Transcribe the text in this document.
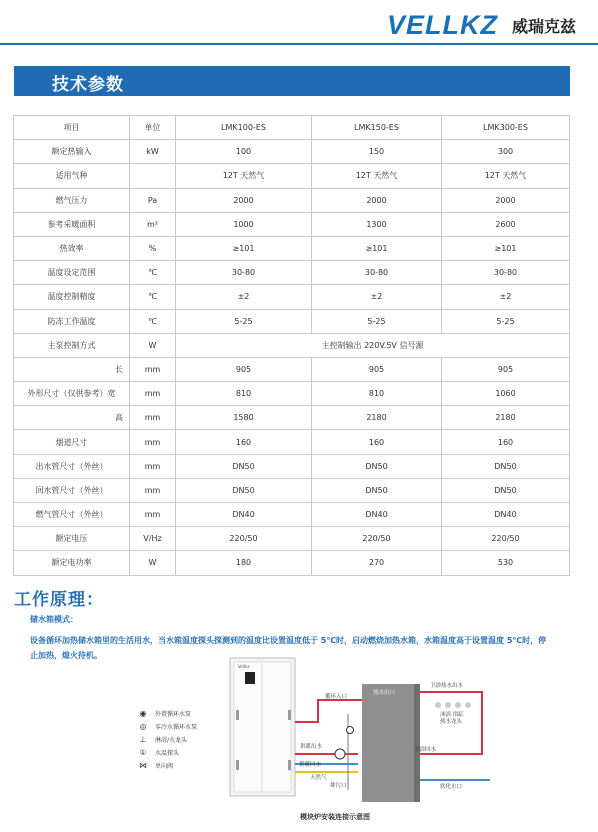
VELLKZ 威瑞克兹
技术参数
项目	单位	LMK100-ES	LMK150-ES	LMK300-ES
额定热输入	kW	100	150	300
适用气种		12T 天然气	12T 天然气	12T 天然气
燃气压力	Pa	2000	2000	2000
参考采暖面积	m²	1000	1300	2600
热效率	%	≥101	≥101	≥101
温度设定范围	℃	30-80	30-80	30-80
温度控制精度	℃	±2	±2	±2
防冻工作温度	℃	5-25	5-25	5-25
主泵控制方式	W	主控制输出 220V.5V 信号源		
长	mm	905	905	905
外形尺寸（仅供参考）宽	mm	810	810	1060
高	mm	1580	2180	2180
烟道尺寸	mm	160	160	160
出水管尺寸（外丝）	mm	DN50	DN50	DN50
回水管尺寸（外丝）	mm	DN50	DN50	DN50
燃气管尺寸（外丝）	mm	DN40	DN40	DN40
额定电压	V/Hz	220/50	220/50	220/50
额定电功率	W	180	270	530
工作原理：
储水箱模式：
设备循环加热储水箱里的生活用水，当水箱温度探头探测到的温度比设置温度低于 5℃时，启动燃烧加热水箱，水箱温度高于设置温度 5℃时，停止加热，熄火待机。
Vellkz
循环入口
热水出口
卫浴热水出水
沐浴 浴缸
热水龙头
卫浴回水
供暖出水
供暖回水
天然气
排污口	软化水口
◉ 外置循环水泵
◎ 零冷水循环水泵
⊥ 淋浴/水龙头
① 水温探头
⋈ 单向阀
模块炉安装连接示意图
